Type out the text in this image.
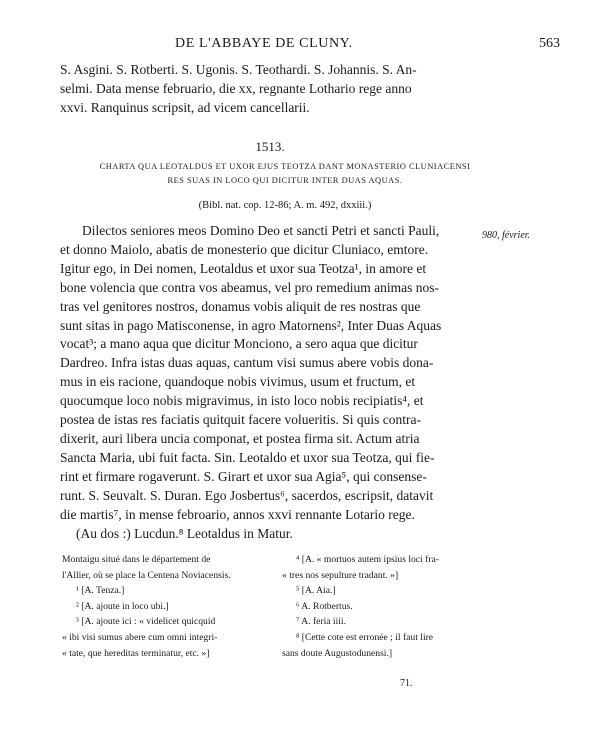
DE L'ABBAYE DE CLUNY.	563
S. Asgini. S. Rotberti. S. Ugonis. S. Teothardi. S. Johannis. S. An-
selmi. Data mense februario, die xx, regnante Lothario rege anno
xxvi. Ranquinus scripsit, ad vicem cancellarii.
1513.
CHARTA QUA LEOTALDUS ET UXOR EJUS TEOTZA DANT MONASTERIO CLUNIACENSI
RES SUAS IN LOCO QUI DICITUR INTER DUAS AQUAS.
(Bibl. nat. cop. 12-86; A. m. 492, dxxiii.)
980, février.
Dilectos seniores meos Domino Deo et sancti Petri et sancti Pauli,
et donno Maiolo, abatis de monesterio que dicitur Cluniaco, emtore.
Igitur ego, in Dei nomen, Leotaldus et uxor sua Teotza¹, in amore et
bone volencia que contra vos abeamus, vel pro remedium animas nos-
tras vel genitores nostros, donamus vobis aliquit de res nostras que
sunt sitas in pago Matisconense, in agro Matornens², Inter Duas Aquas
vocat³; a mano aqua que dicitur Monciono, a sero aqua que dicitur
Dardreo. Infra istas duas aquas, cantum visi sumus abere vobis dona-
mus in eis racione, quandoque nobis vivimus, usum et fructum, et
quocumque loco nobis migravimus, in isto loco nobis recipiatis⁴, et
postea de istas res faciatis quitquit facere volueritis. Si quis contra-
dixerit, auri libera uncia componat, et postea firma sit. Actum atria
Sancta Maria, ubi fuit facta. Sin. Leotaldo et uxor sua Teotza, qui fie-
rint et firmare rogaverunt. S. Girart et uxor sua Agia⁵, qui consense-
runt. S. Seuvalt. S. Duran. Ego Josbertus⁶, sacerdos, escripsit, datavit
die martis⁷, in mense febroario, annos xxvi rennante Lotario rege.
(Au dos :) Lucdun.⁸ Leotaldus in Matur.
Montaigu situé dans le département de
l'Allier, où se place la Centena Noviacensis.
¹ [A. Tenza.]
² [A. ajoute in loco ubi.]
³ [A. ajoute ici : « videlicet quicquid
« ibi visi sumus abere cum omni integri-
« tate, que hereditas terminatur, etc. »]
⁴ [A. « mortuos autem ipsius loci fra-
« tres nos sepulture tradant. »]
⁵ [A. Aia.]
⁶ A. Rotbertus.
⁷ A. feria iiii.
⁸ [Cette cote est erronée ; il faut lire
sans doute Augustodunensi.]
71.
